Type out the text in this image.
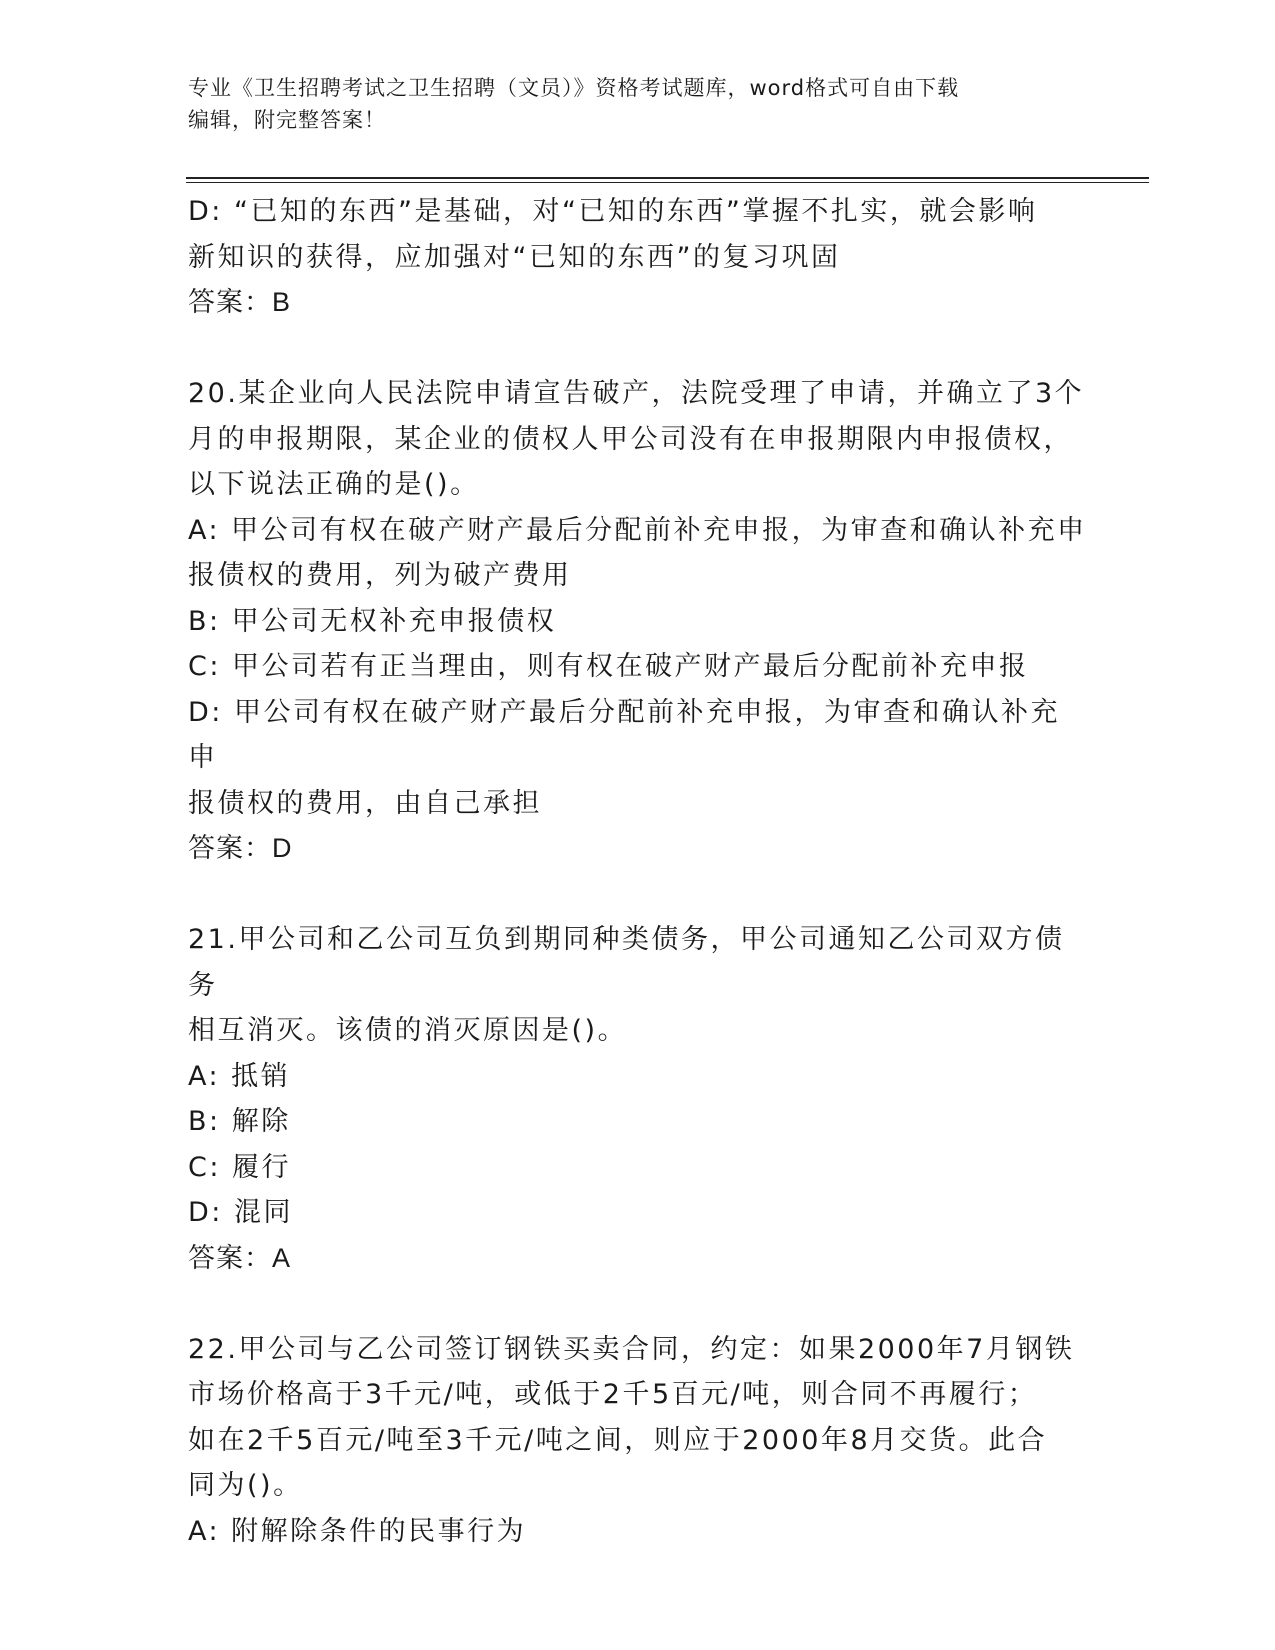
专业《卫生招聘考试之卫生招聘（文员）》资格考试题库，word格式可自由下载
编辑，附完整答案！

D: “已知的东西”是基础，对“已知的东西”掌握不扎实，就会影响

新知识的获得，应加强对“已知的东西”的复习巩固

答案：B

20.某企业向人民法院申请宣告破产，法院受理了申请，并确立了3个

月的申报期限，某企业的债权人甲公司没有在申报期限内申报债权，

以下说法正确的是()。

A: 甲公司有权在破产财产最后分配前补充申报，为审查和确认补充申

报债权的费用，列为破产费用

B: 甲公司无权补充申报债权

C: 甲公司若有正当理由，则有权在破产财产最后分配前补充申报

D: 甲公司有权在破产财产最后分配前补充申报，为审查和确认补充申

报债权的费用，由自己承担

答案：D

21.甲公司和乙公司互负到期同种类债务，甲公司通知乙公司双方债务

相互消灭。该债的消灭原因是()。

A: 抵销

B: 解除

C: 履行

D: 混同

答案：A

22.甲公司与乙公司签订钢铁买卖合同，约定：如果2000年7月钢铁

市场价格高于3千元/吨，或低于2千5百元/吨，则合同不再履行；

如在2千5百元/吨至3千元/吨之间，则应于2000年8月交货。此合

同为()。

A: 附解除条件的民事行为
